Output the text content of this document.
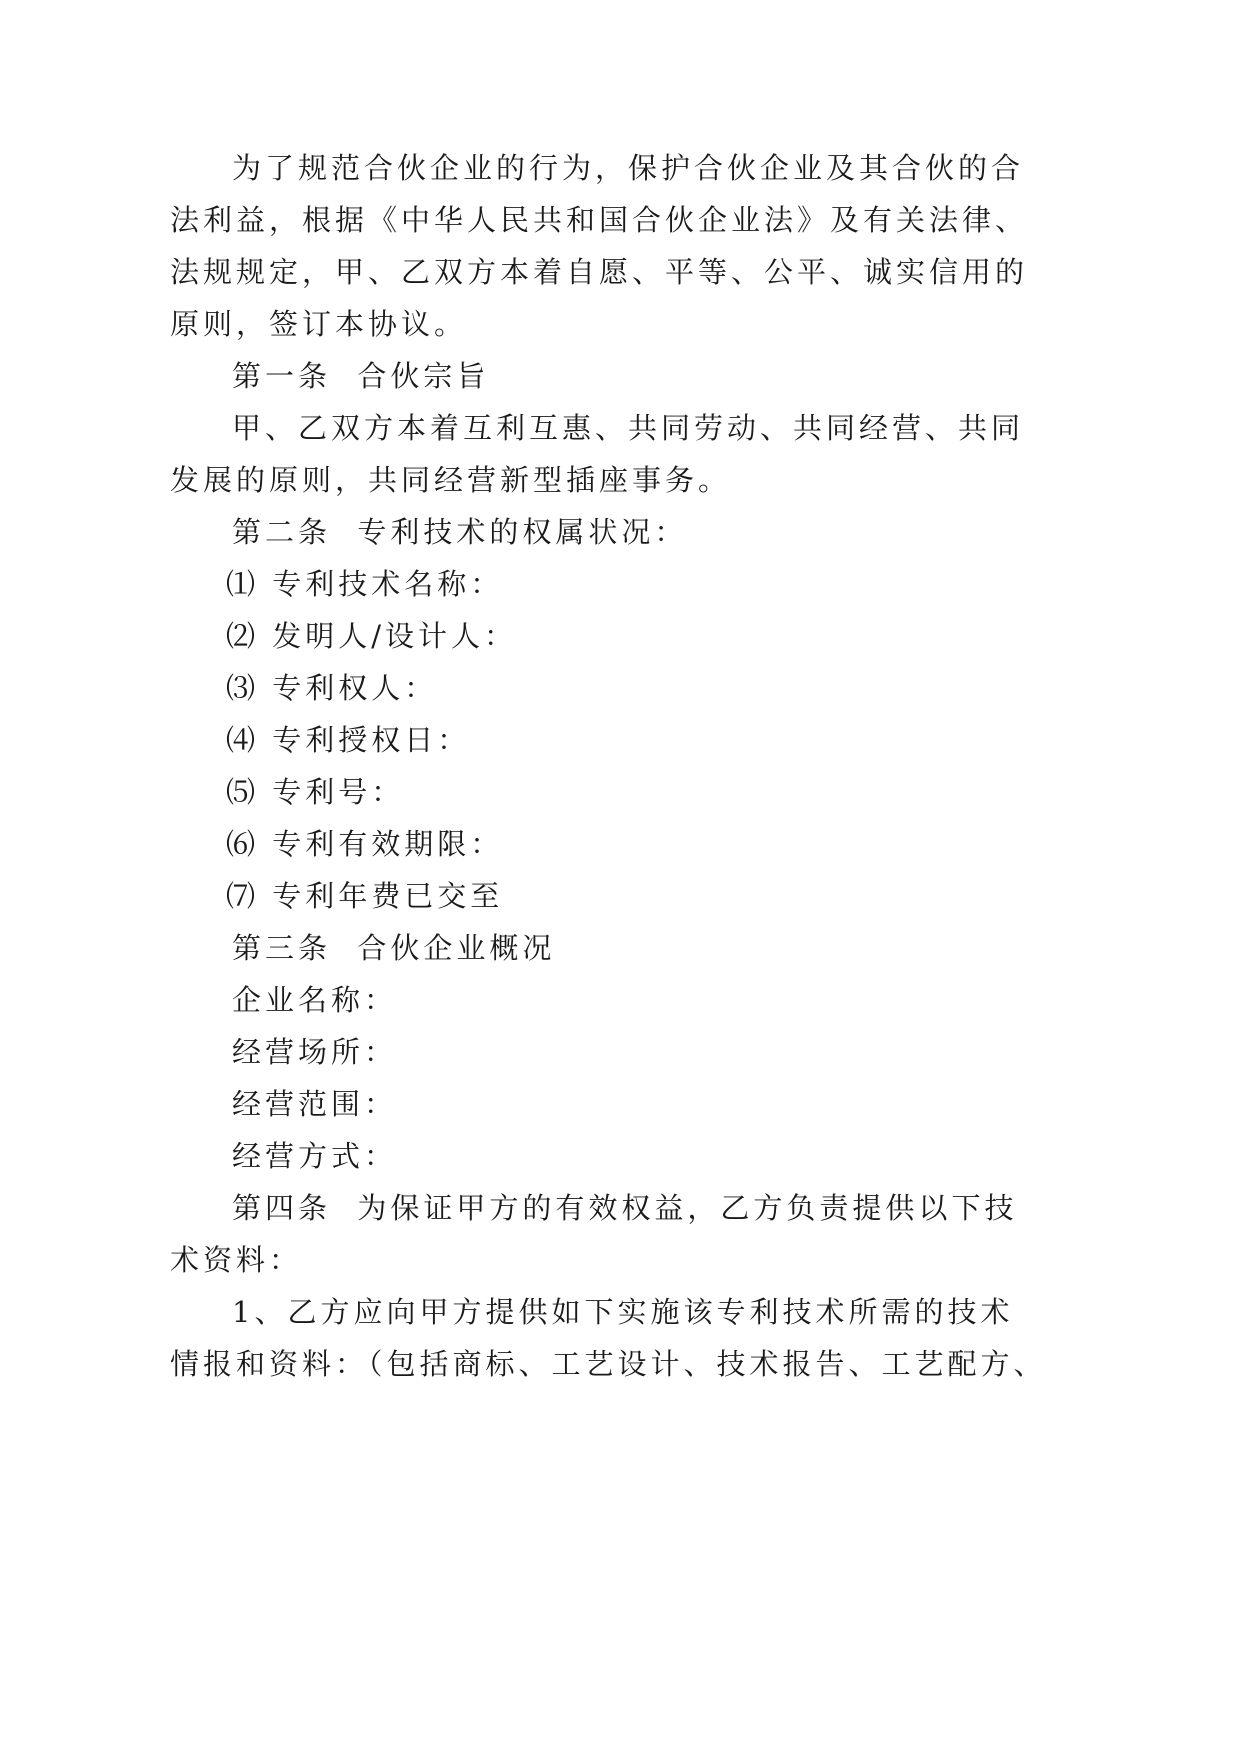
为了规范合伙企业的行为，保护合伙企业及其合伙的合
法利益，根据《中华人民共和国合伙企业法》及有关法律、
法规规定，甲、乙双方本着自愿、平等、公平、诚实信用的
原则，签订本协议。
第一条  合伙宗旨
甲、乙双方本着互利互惠、共同劳动、共同经营、共同
发展的原则，共同经营新型插座事务。
第二条  专利技术的权属状况：
⑴ 专利技术名称：
⑵ 发明人/设计人：
⑶ 专利权人：
⑷ 专利授权日：
⑸ 专利号：
⑹ 专利有效期限：
⑺ 专利年费已交至
第三条  合伙企业概况
企业名称：
经营场所：
经营范围：
经营方式：
第四条  为保证甲方的有效权益，乙方负责提供以下技
术资料：
1、乙方应向甲方提供如下实施该专利技术所需的技术
情报和资料：（包括商标、工艺设计、技术报告、工艺配方、
